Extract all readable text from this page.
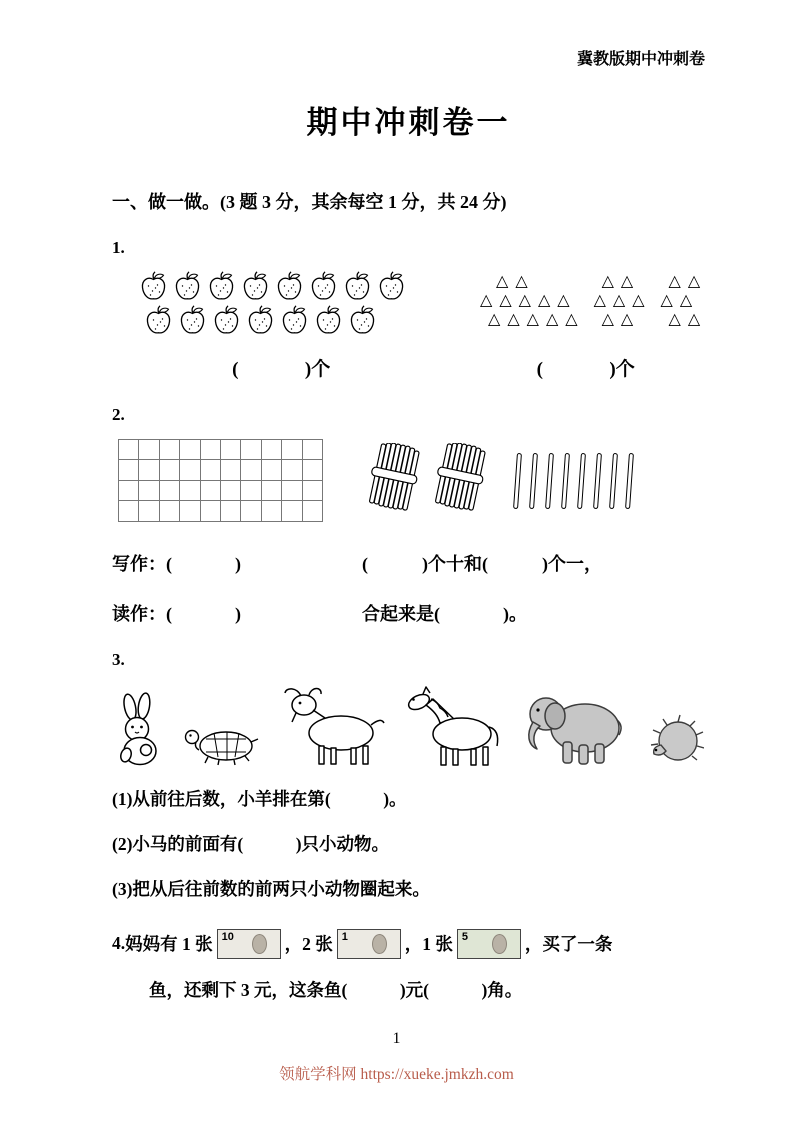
冀教版期中冲刺卷
期中冲刺卷一
一、做一做。(3 题 3 分，其余每空 1 分，共 24 分)
1.
△ △
△ △ △ △ △
△ △ △ △ △
△ △
△ △ △
△ △
△ △
△ △
△ △
(              )个	(              )个
2.
写作：(              )	(            )个十和(            )个一，
读作：(              )	合起来是(              )。
3.
(1)从前往后数，小羊排在第(            )。
(2)小马的前面有(            )只小动物。
(3)把从后往前数的前两只小动物圈起来。
4. 妈妈有 1 张 10	，2 张 1	，1 张 5	，买了一条
鱼，还剩下 3 元，这条鱼(            )元(            )角。
1
领航学科网 https://xueke.jmkzh.com
